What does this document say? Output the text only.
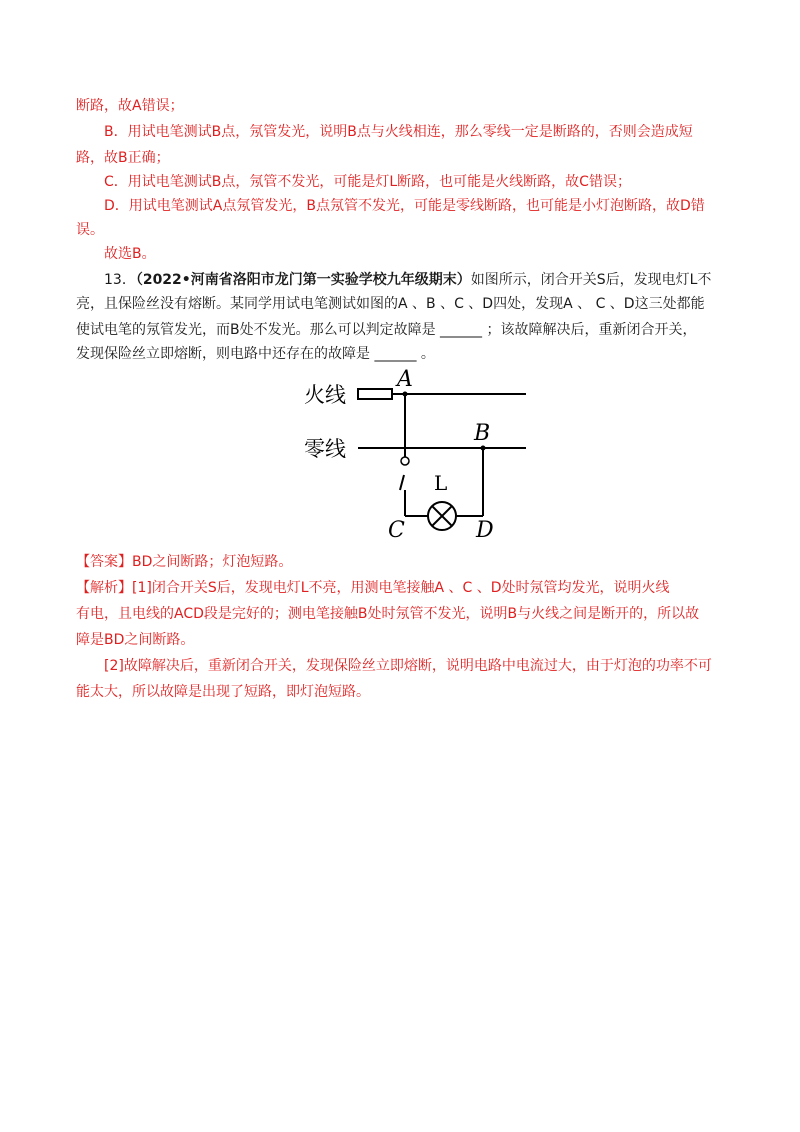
断路，故A错误；
B．用试电笔测试B点，氖管发光，说明B点与火线相连，那么零线一定是断路的，否则会造成短
路，故B正确；
C．用试电笔测试B点，氖管不发光，可能是灯L断路，也可能是火线断路，故C错误；
D．用试电笔测试A点氖管发光，B点氖管不发光，可能是零线断路，也可能是小灯泡断路，故D错
误。
故选B。
13．（2022•河南省洛阳市龙门第一实验学校九年级期末）如图所示，闭合开关S后，发现电灯L不
亮，且保险丝没有熔断。某同学用试电笔测试如图的A 、B 、C 、D四处，发现A 、 C 、D这三处都能
使试电笔的氖管发光，而B处不发光。那么可以判定故障是 ______ ；该故障解决后，重新闭合开关，
发现保险丝立即熔断，则电路中还存在的故障是 ______ 。
火线
零线
A
B
C	D
L
【答案】BD之间断路；灯泡短路。
【解析】[1]闭合开关S后，发现电灯L不亮，用测电笔接触A 、C 、D处时氖管均发光，说明火线
有电，且电线的ACD段是完好的；测电笔接触B处时氖管不发光，说明B与火线之间是断开的，所以故
障是BD之间断路。
[2]故障解决后，重新闭合开关，发现保险丝立即熔断，说明电路中电流过大，由于灯泡的功率不可
能太大，所以故障是出现了短路，即灯泡短路。
